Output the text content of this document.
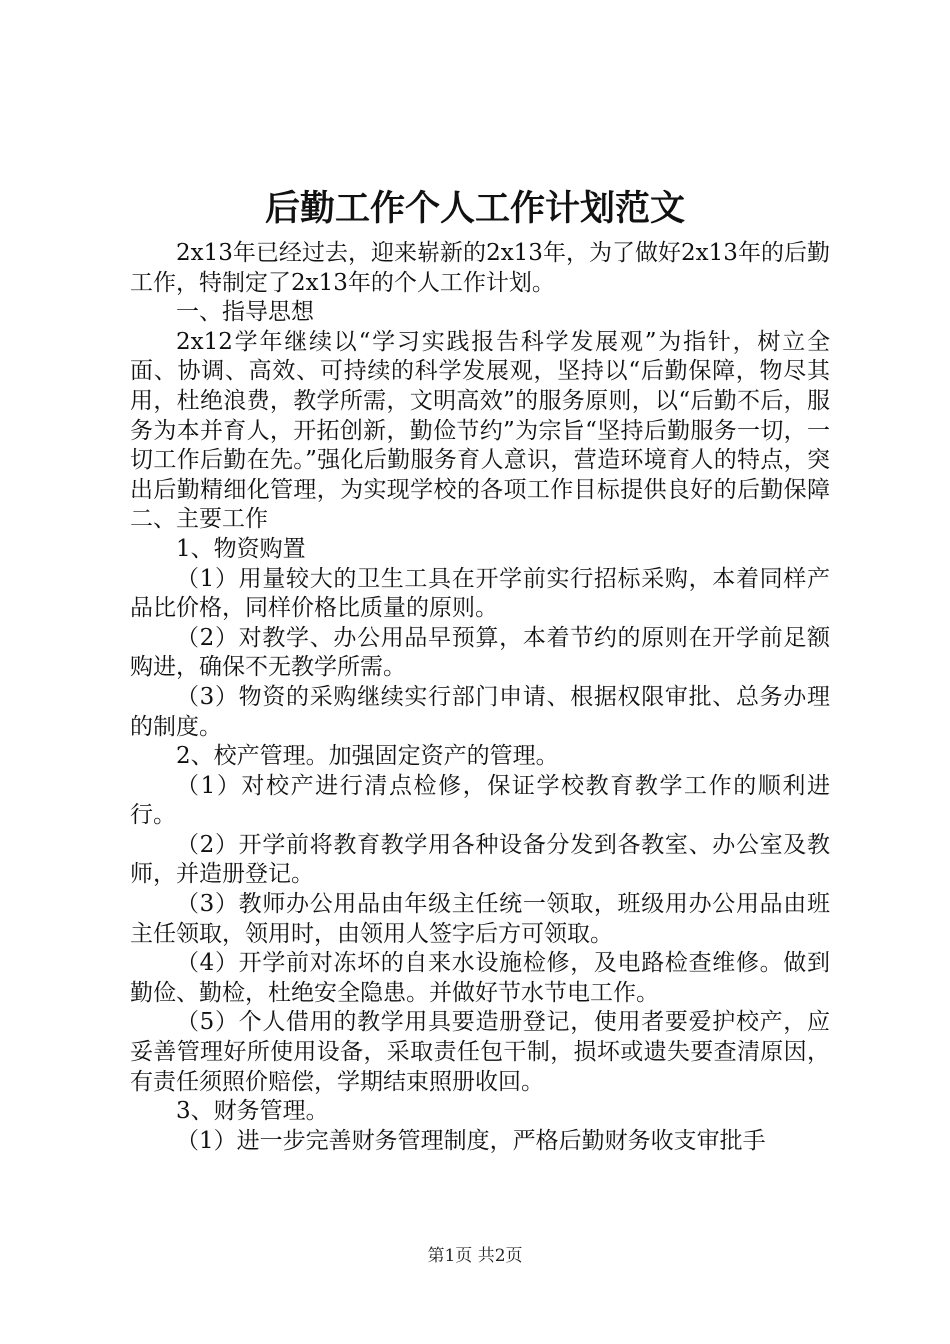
后勤工作个人工作计划范文

2x13年已经过去，迎来崭新的2x13年，为了做好2x13年的后勤工作，特制定了2x13年的个人工作计划。

一、指导思想

2x12学年继续以“学习实践报告科学发展观”为指针，树立全面、协调、高效、可持续的科学发展观，坚持以“后勤保障，物尽其用，杜绝浪费，教学所需，文明高效”的服务原则，以“后勤不后，服务为本并育人，开拓创新，勤俭节约”为宗旨“坚持后勤服务一切，一切工作后勤在先。”强化后勤服务育人意识，营造环境育人的特点，突出后勤精细化管理，为实现学校的各项工作目标提供良好的后勤保障二、主要工作

1、物资购置

（1）用量较大的卫生工具在开学前实行招标采购，本着同样产品比价格，同样价格比质量的原则。

（2）对教学、办公用品早预算，本着节约的原则在开学前足额购进，确保不无教学所需。

（3）物资的采购继续实行部门申请、根据权限审批、总务办理的制度。

2、校产管理。加强固定资产的管理。

（1）对校产进行清点检修，保证学校教育教学工作的顺利进行。

（2）开学前将教育教学用各种设备分发到各教室、办公室及教师，并造册登记。

（3）教师办公用品由年级主任统一领取，班级用办公用品由班主任领取，领用时，由领用人签字后方可领取。

（4）开学前对冻坏的自来水设施检修，及电路检查维修。做到勤俭、勤检，杜绝安全隐患。并做好节水节电工作。

（5）个人借用的教学用具要造册登记，使用者要爱护校产，应妥善管理好所使用设备，采取责任包干制，损坏或遗失要查清原因，有责任须照价赔偿，学期结束照册收回。

3、财务管理。

（1）进一步完善财务管理制度，严格后勤财务收支审批手

第1页 共2页
